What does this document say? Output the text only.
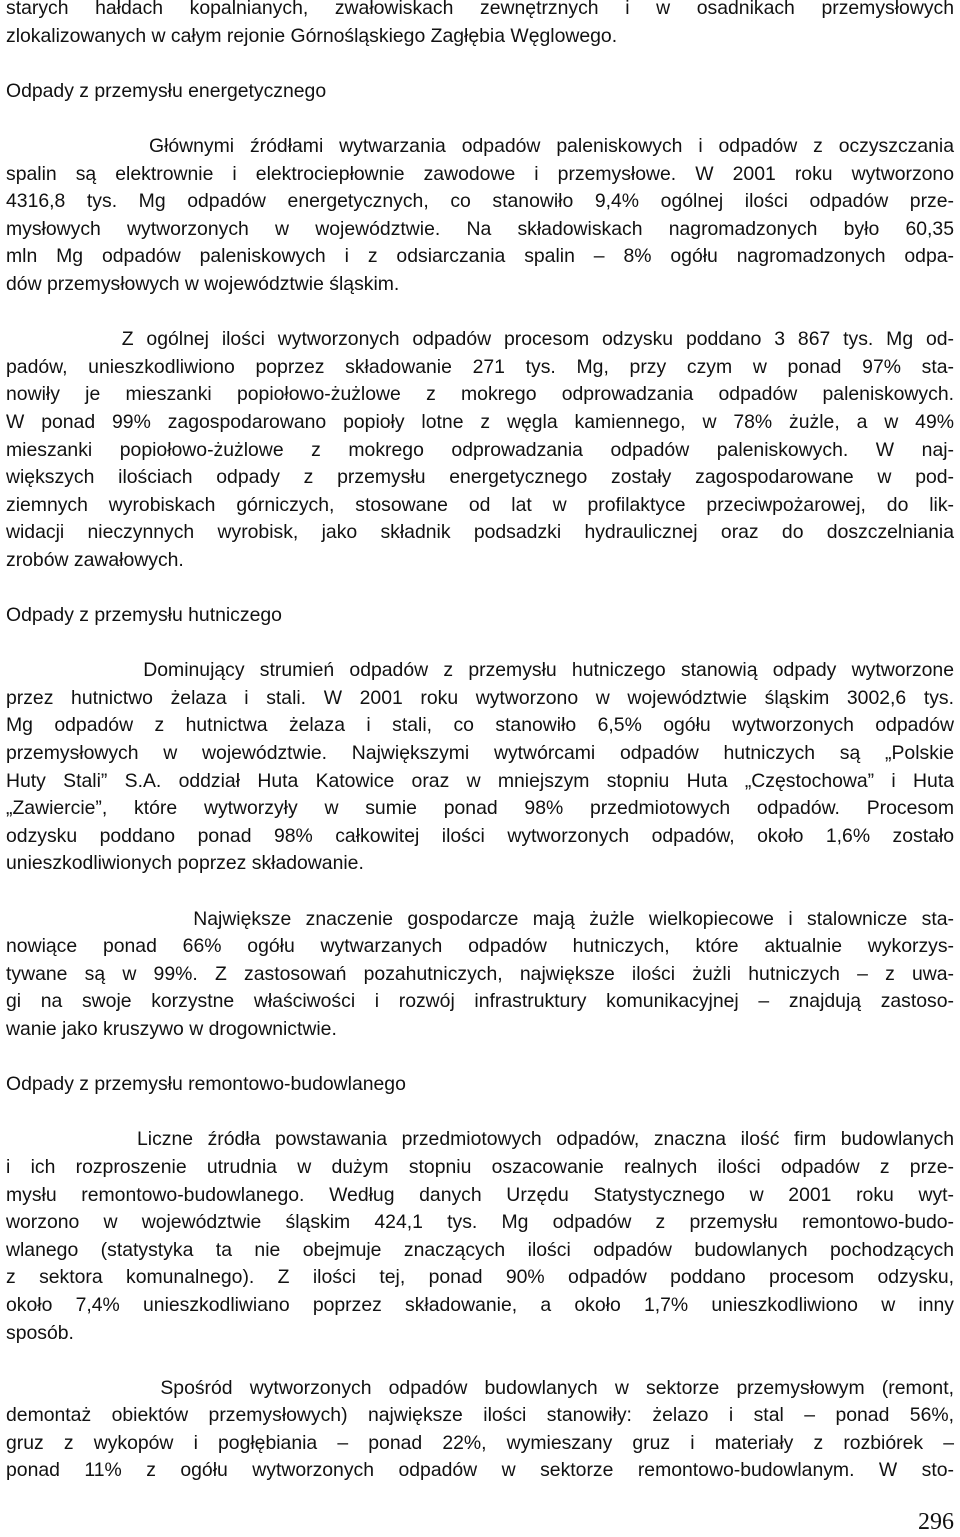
starych hałdach kopalnianych, zwałowiskach zewnętrznych i w osadnikach przemysłowych
zlokalizowanych w całym rejonie Górnośląskiego Zagłębia Węglowego.
Odpady z przemysłu energetycznego
Głównymi źródłami wytwarzania odpadów paleniskowych i odpadów z oczyszczania
spalin są elektrownie i elektrociepłownie zawodowe i przemysłowe. W 2001 roku wytworzono
4316,8 tys. Mg odpadów energetycznych, co stanowiło 9,4% ogólnej ilości odpadów prze-
mysłowych wytworzonych w województwie. Na składowiskach nagromadzonych było 60,35
mln Mg odpadów paleniskowych i z odsiarczania spalin – 8% ogółu nagromadzonych odpa-
dów przemysłowych w województwie śląskim.
Z ogólnej ilości wytworzonych odpadów procesom odzysku poddano 3 867 tys. Mg od-
padów, unieszkodliwiono poprzez składowanie 271 tys. Mg, przy czym w ponad 97% sta-
nowiły je mieszanki popiołowo-żużlowe z mokrego odprowadzania odpadów paleniskowych.
W ponad 99% zagospodarowano popioły lotne z węgla kamiennego, w 78% żużle, a w 49%
mieszanki popiołowo-żużlowe z mokrego odprowadzania odpadów paleniskowych. W naj-
większych ilościach odpady z przemysłu energetycznego zostały zagospodarowane w pod-
ziemnych wyrobiskach górniczych, stosowane od lat w profilaktyce przeciwpożarowej, do lik-
widacji nieczynnych wyrobisk, jako składnik podsadzki hydraulicznej oraz do doszczelniania
zrobów zawałowych.
Odpady z przemysłu hutniczego
Dominujący strumień odpadów z przemysłu hutniczego stanowią odpady wytworzone
przez hutnictwo żelaza i stali. W 2001 roku wytworzono w województwie śląskim 3002,6 tys.
Mg odpadów z hutnictwa żelaza i stali, co stanowiło 6,5% ogółu wytworzonych odpadów
przemysłowych w województwie. Największymi wytwórcami odpadów hutniczych są „Polskie
Huty Stali” S.A. oddział Huta Katowice oraz w mniejszym stopniu Huta „Częstochowa” i Huta
„Zawiercie”, które wytworzyły w sumie ponad 98% przedmiotowych odpadów. Procesom
odzysku poddano ponad 98% całkowitej ilości wytworzonych odpadów, około 1,6% zostało
unieszkodliwionych poprzez składowanie.
Największe znaczenie gospodarcze mają żużle wielkopiecowe i stalownicze sta-
nowiące ponad 66% ogółu wytwarzanych odpadów hutniczych, które aktualnie wykorzys-
tywane są w 99%. Z zastosowań pozahutniczych, największe ilości żużli hutniczych – z uwa-
gi na swoje korzystne właściwości i rozwój infrastruktury komunikacyjnej – znajdują zastoso-
wanie jako kruszywo w drogownictwie.
Odpady z przemysłu remontowo-budowlanego
Liczne źródła powstawania przedmiotowych odpadów, znaczna ilość firm budowlanych
i ich rozproszenie utrudnia w dużym stopniu oszacowanie realnych ilości odpadów z prze-
mysłu remontowo-budowlanego. Według danych Urzędu Statystycznego w 2001 roku wyt-
worzono w województwie śląskim 424,1 tys. Mg odpadów z przemysłu remontowo-budo-
wlanego (statystyka ta nie obejmuje znaczących ilości odpadów budowlanych pochodzących
z sektora komunalnego). Z ilości tej, ponad 90% odpadów poddano procesom odzysku,
około 7,4% unieszkodliwiano poprzez składowanie, a około 1,7% unieszkodliwiono w inny
sposób.
Spośród wytworzonych odpadów budowlanych w sektorze przemysłowym (remont,
demontaż obiektów przemysłowych) największe ilości stanowiły: żelazo i stal – ponad 56%,
gruz z wykopów i pogłębiania – ponad 22%, wymieszany gruz i materiały z rozbiórek –
ponad 11% z ogółu wytworzonych odpadów w sektorze remontowo-budowlanym. W sto-
296
